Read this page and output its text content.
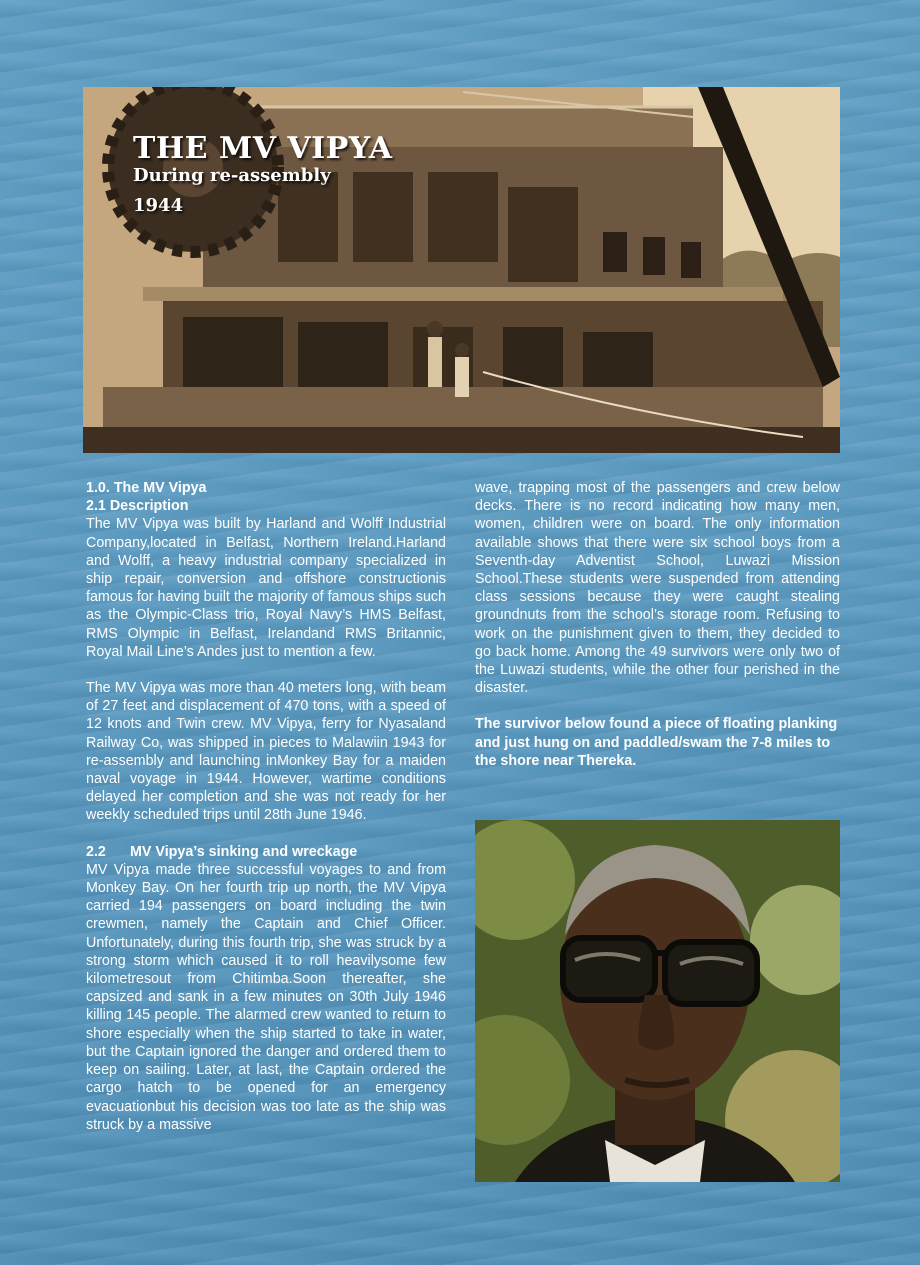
THE MV VIPYA
During re-assembly
1944
1.0. The MV Vipya
2.1 Description

The MV Vipya was built by Harland and Wolff Industrial Company,located in Belfast, Northern Ireland.Harland and Wolff, a heavy industrial company specialized in ship repair, conversion and offshore constructionis famous for having built the majority of famous ships such as the Olympic-Class trio, Royal Navy’s HMS Belfast, RMS Olympic in Belfast, Irelandand RMS Britannic, Royal Mail Line’s Andes just to mention a few.

The MV Vipya was more than 40 meters long, with beam of 27 feet and displacement of 470 tons, with a speed of 12 knots and Twin crew. MV Vipya, ferry for Nyasaland Railway Co, was shipped in pieces to Malawiin 1943 for re-assembly and launching inMonkey Bay for a maiden naval voyage in 1944. However, wartime conditions delayed her completion and she was not ready for her weekly scheduled trips until 28th June 1946.

2.2 MV Vipya’s sinking and wreckage

MV Vipya made three successful voyages to and from Monkey Bay. On her fourth trip up north, the MV Vipya carried 194 passengers on board including the twin crewmen, namely the Captain and Chief Officer. Unfortunately, during this fourth trip, she was struck by a strong storm which caused it to roll heavilysome few kilometresout from Chitimba.Soon thereafter, she capsized and sank in a few minutes on 30th July 1946 killing 145 people. The alarmed crew wanted to return to shore especially when the ship started to take in water, but the Captain ignored the danger and ordered them to keep on sailing. Later, at last, the Captain ordered the cargo hatch to be opened for an emergency evacuationbut his decision was too late as the ship was struck by a massive

wave, trapping most of the passengers and crew below decks. There is no record indicating how many men, women, children were on board. The only information available shows that there were six school boys from a Seventh-day Adventist School, Luwazi Mission School.These students were suspended from attending class sessions because they were caught stealing groundnuts from the school’s storage room. Refusing to work on the punishment given to them, they decided to go back home. Among the 49 survivors were only two of the Luwazi students, while the other four perished in the disaster.

The survivor below found a piece of floating planking and just hung on and paddled/swam the 7-8 miles to the shore near Thereka.
